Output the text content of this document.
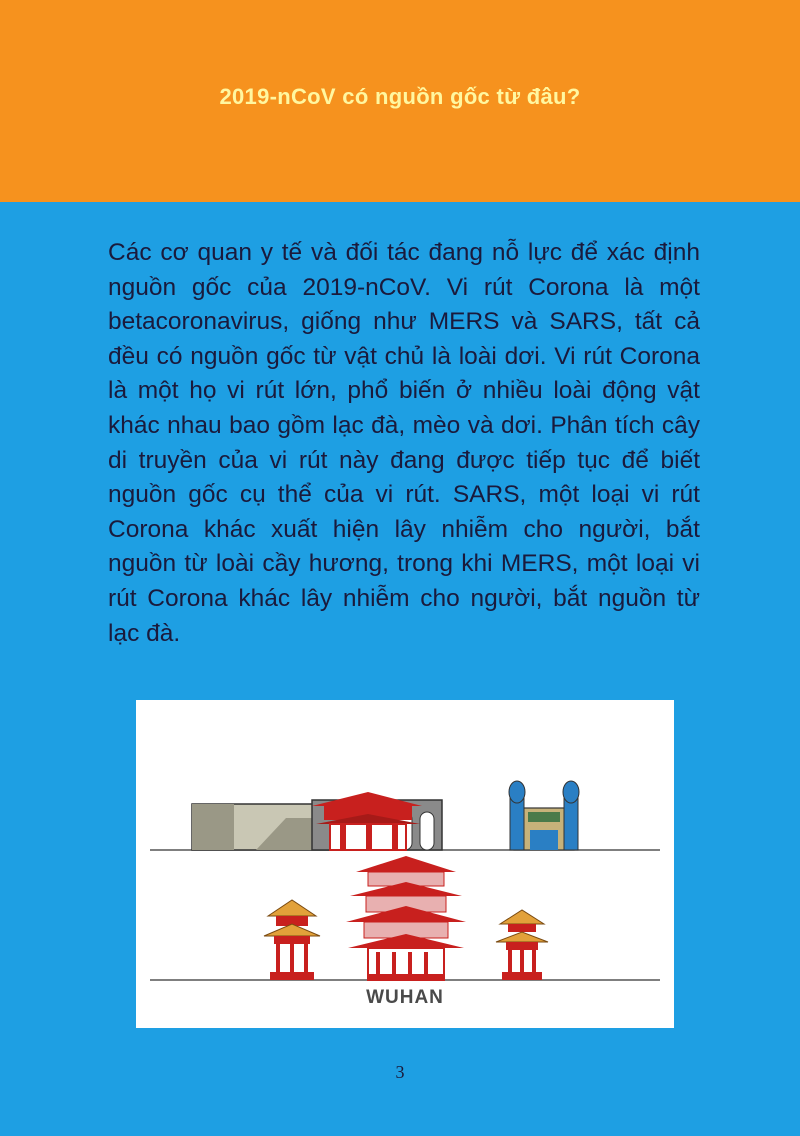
2019-nCoV có nguồn gốc từ đâu?
Các cơ quan y tế và đối tác đang nỗ lực để xác định nguồn gốc của 2019-nCoV. Vi rút Corona là một betacoronavirus, giống như MERS và SARS, tất cả đều có nguồn gốc từ vật chủ là loài dơi. Vi rút Corona là một họ vi rút lớn, phổ biến ở nhiều loài động vật khác nhau bao gồm lạc đà, mèo và dơi. Phân tích cây di truyền của vi rút này đang được tiếp tục để biết nguồn gốc cụ thể của vi rút. SARS, một loại vi rút Corona khác xuất hiện lây nhiễm cho người, bắt nguồn từ loài cầy hương, trong khi MERS, một loại vi rút Corona khác lây nhiễm cho người, bắt nguồn từ lạc đà.
WUHAN
3
